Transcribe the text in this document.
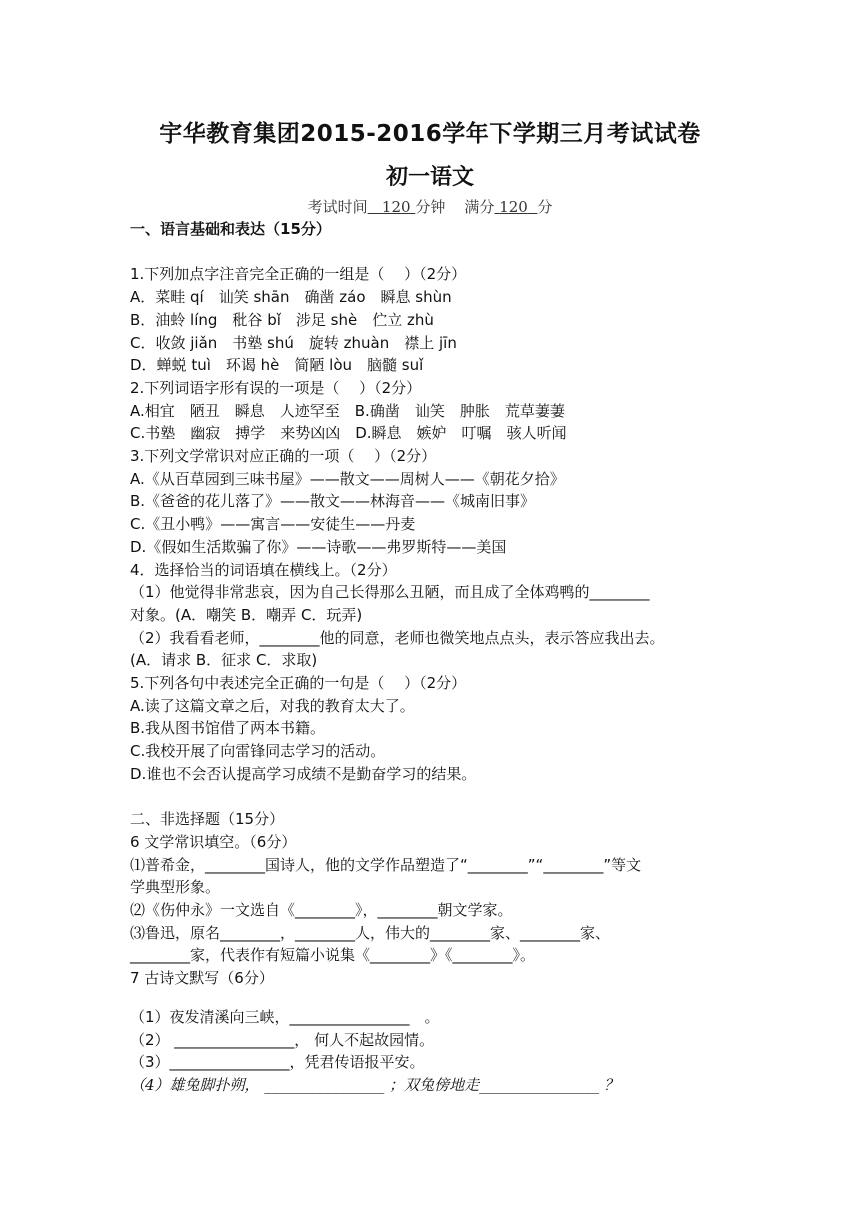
宇华教育集团2015-2016学年下学期三月考试试卷
初一语文
考试时间 120 分钟 满分 120 分
一、语言基础和表达（15分）
1.下列加点字注音完全正确的一组是（　 ）（2分）
A．菜畦 qí　讪笑 shān　确凿 záo　瞬息 shùn
B．油蛉 líng　秕谷 bǐ　涉足 shè　伫立 zhù
C．收敛 jiǎn　书塾 shú　旋转 zhuàn　襟上 jīn
D．蝉蜕 tuì　环谒 hè　简陋 lòu　脑髓 suǐ
2.下列词语字形有误的一项是（　 ）（2分）
A.相宜　陋丑　瞬息　人迹罕至　B.确凿　讪笑　肿胀　荒草萋萋
C.书塾　幽寂　搏学　来势凶凶　D.瞬息　嫉妒　叮嘱　骇人听闻
3.下列文学常识对应正确的一项（　 ）（2分）
A.《从百草园到三味书屋》——散文——周树人——《朝花夕拾》
B.《爸爸的花儿落了》——散文——林海音——《城南旧事》
C.《丑小鸭》——寓言——安徒生——丹麦
D.《假如生活欺骗了你》——诗歌——弗罗斯特——美国
4．选择恰当的词语填在横线上。（2分）
（1）他觉得非常悲哀，因为自己长得那么丑陋，而且成了全体鸡鸭的________
对象。(A．嘲笑 B．嘲弄 C．玩弄)
（2）我看看老师，________他的同意，老师也微笑地点点头，表示答应我出去。
(A．请求 B．征求 C．求取)
5.下列各句中表述完全正确的一句是（　 ）（2分）
A.读了这篇文章之后，对我的教育太大了。
B.我从图书馆借了两本书籍。
C.我校开展了向雷锋同志学习的活动。
D.谁也不会否认提高学习成绩不是勤奋学习的结果。
二、非选择题（15分）
6 文学常识填空。（6分）
⑴普希金，________国诗人，他的文学作品塑造了“________”“________”等文
学典型形象。
⑵《伤仲永》一文选自《________》，________朝文学家。
⑶鲁迅，原名________，________人，伟大的________家、________家、
________家，代表作有短篇小说集《________》《________》。
7 古诗文默写（6分）
（1）夜发清溪向三峡，________________　。
（2） ________________， 何人不起故园情。
（3）________________，凭君传语报平安。
（4）雄兔脚扑朔， ________________ ；双兔傍地走________________ ？
